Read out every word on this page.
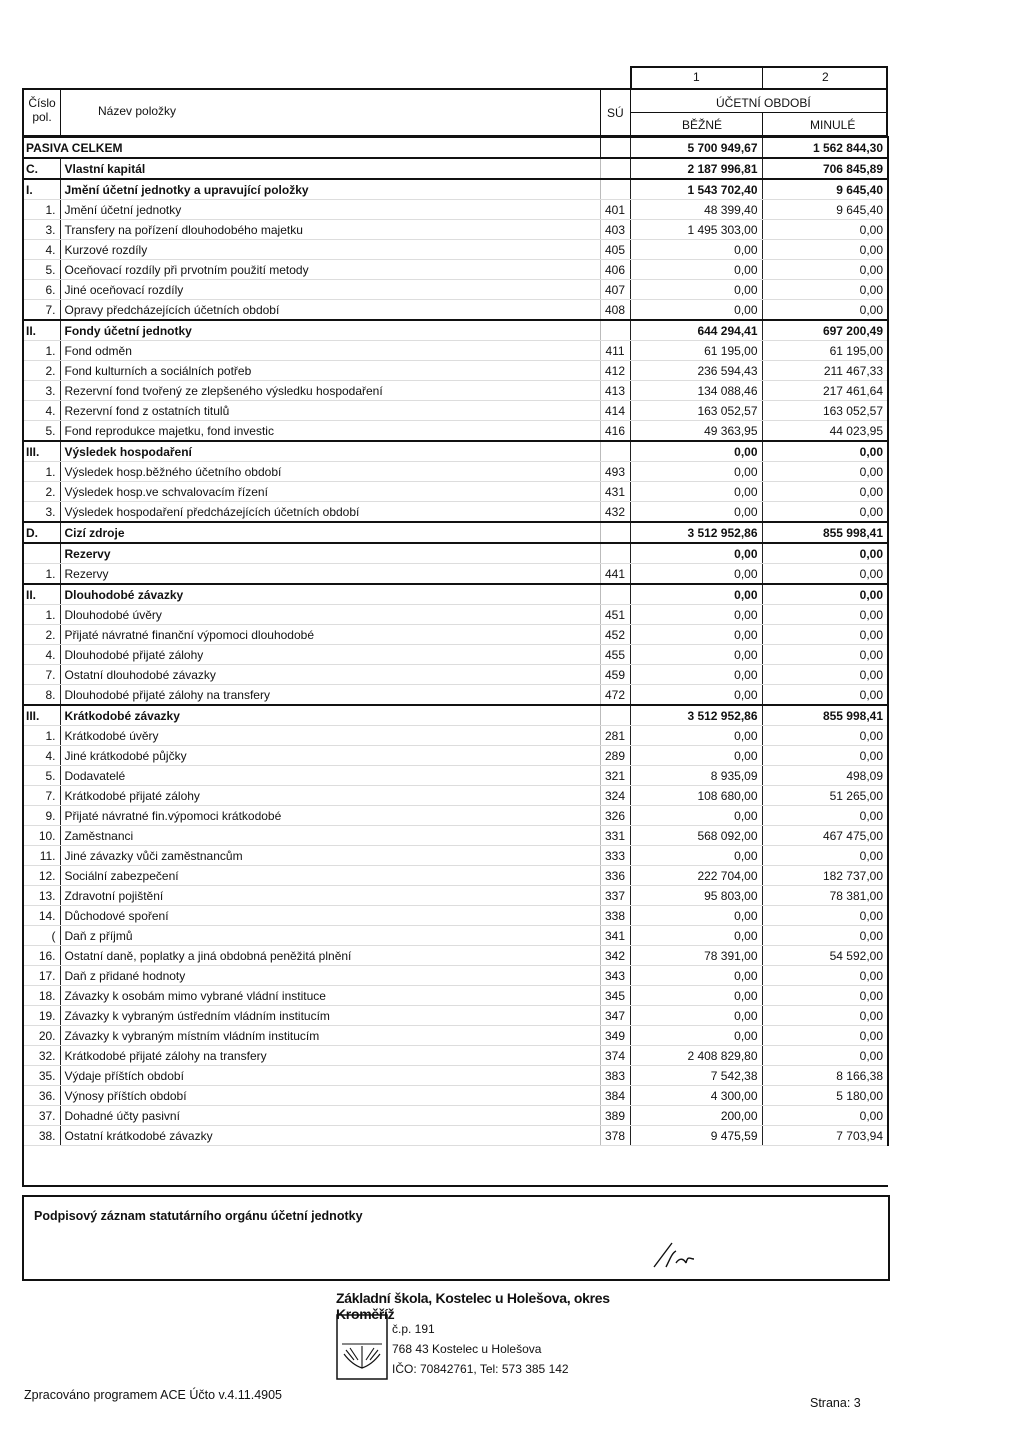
1	2
Číslo
pol.	Název položky	SÚ
ÚČETNÍ OBDOBÍ
BĚŽNÉ	MINULÉ
PASIVA CELKEM			5 700 949,67	1 562 844,30
C.	Vlastní kapitál		2 187 996,81	706 845,89
I.	Jmění účetní jednotky a upravující položky		1 543 702,40	9 645,40
1.	Jmění účetní jednotky	401	48 399,40	9 645,40
3.	Transfery na pořízení dlouhodobého majetku	403	1 495 303,00	0,00
4.	Kurzové rozdíly	405	0,00	0,00
5.	Oceňovací rozdíly při prvotním použití metody	406	0,00	0,00
6.	Jiné oceňovací rozdíly	407	0,00	0,00
7.	Opravy předcházejících účetních období	408	0,00	0,00
II.	Fondy účetní jednotky		644 294,41	697 200,49
1.	Fond odměn	411	61 195,00	61 195,00
2.	Fond kulturních a sociálních potřeb	412	236 594,43	211 467,33
3.	Rezervní fond tvořený ze zlepšeného výsledku hospodaření	413	134 088,46	217 461,64
4.	Rezervní fond z ostatních titulů	414	163 052,57	163 052,57
5.	Fond reprodukce majetku, fond investic	416	49 363,95	44 023,95
III.	Výsledek hospodaření		0,00	0,00
1.	Výsledek hosp.běžného účetního období	493	0,00	0,00
2.	Výsledek hosp.ve schvalovacím řízení	431	0,00	0,00
3.	Výsledek hospodaření předcházejících účetních období	432	0,00	0,00
D.	Cizí zdroje		3 512 952,86	855 998,41
	Rezervy		0,00	0,00
1.	Rezervy	441	0,00	0,00
II.	Dlouhodobé závazky		0,00	0,00
1.	Dlouhodobé úvěry	451	0,00	0,00
2.	Přijaté návratné finanční výpomoci dlouhodobé	452	0,00	0,00
4.	Dlouhodobé přijaté zálohy	455	0,00	0,00
7.	Ostatní dlouhodobé závazky	459	0,00	0,00
8.	Dlouhodobé přijaté zálohy na transfery	472	0,00	0,00
III.	Krátkodobé závazky		3 512 952,86	855 998,41
1.	Krátkodobé úvěry	281	0,00	0,00
4.	Jiné krátkodobé půjčky	289	0,00	0,00
5.	Dodavatelé	321	8 935,09	498,09
7.	Krátkodobé přijaté zálohy	324	108 680,00	51 265,00
9.	Přijaté návratné fin.výpomoci krátkodobé	326	0,00	0,00
10.	Zaměstnanci	331	568 092,00	467 475,00
11.	Jiné závazky vůči zaměstnancům	333	0,00	0,00
12.	Sociální zabezpečení	336	222 704,00	182 737,00
13.	Zdravotní pojištění	337	95 803,00	78 381,00
14.	Důchodové spoření	338	0,00	0,00
(	Daň z příjmů	341	0,00	0,00
16.	Ostatní daně, poplatky a jiná obdobná peněžitá plnění	342	78 391,00	54 592,00
17.	Daň z přidané hodnoty	343	0,00	0,00
18.	Závazky k osobám mimo vybrané vládní instituce	345	0,00	0,00
19.	Závazky k vybraným ústředním vládním institucím	347	0,00	0,00
20.	Závazky k vybraným místním vládním institucím	349	0,00	0,00
32.	Krátkodobé přijaté zálohy na transfery	374	2 408 829,80	0,00
35.	Výdaje příštích období	383	7 542,38	8 166,38
36.	Výnosy příštích období	384	4 300,00	5 180,00
37.	Dohadné účty pasivní	389	200,00	0,00
38.	Ostatní krátkodobé závazky	378	9 475,59	7 703,94
Podpisový záznam statutárního orgánu účetní jednotky
Základní škola, Kostelec u Holešova, okres Kroměříž
č.p. 191
768 43 Kostelec u Holešova
IČO: 70842761, Tel: 573 385 142
Zpracováno programem ACE Účto v.4.11.4905
Strana: 3
